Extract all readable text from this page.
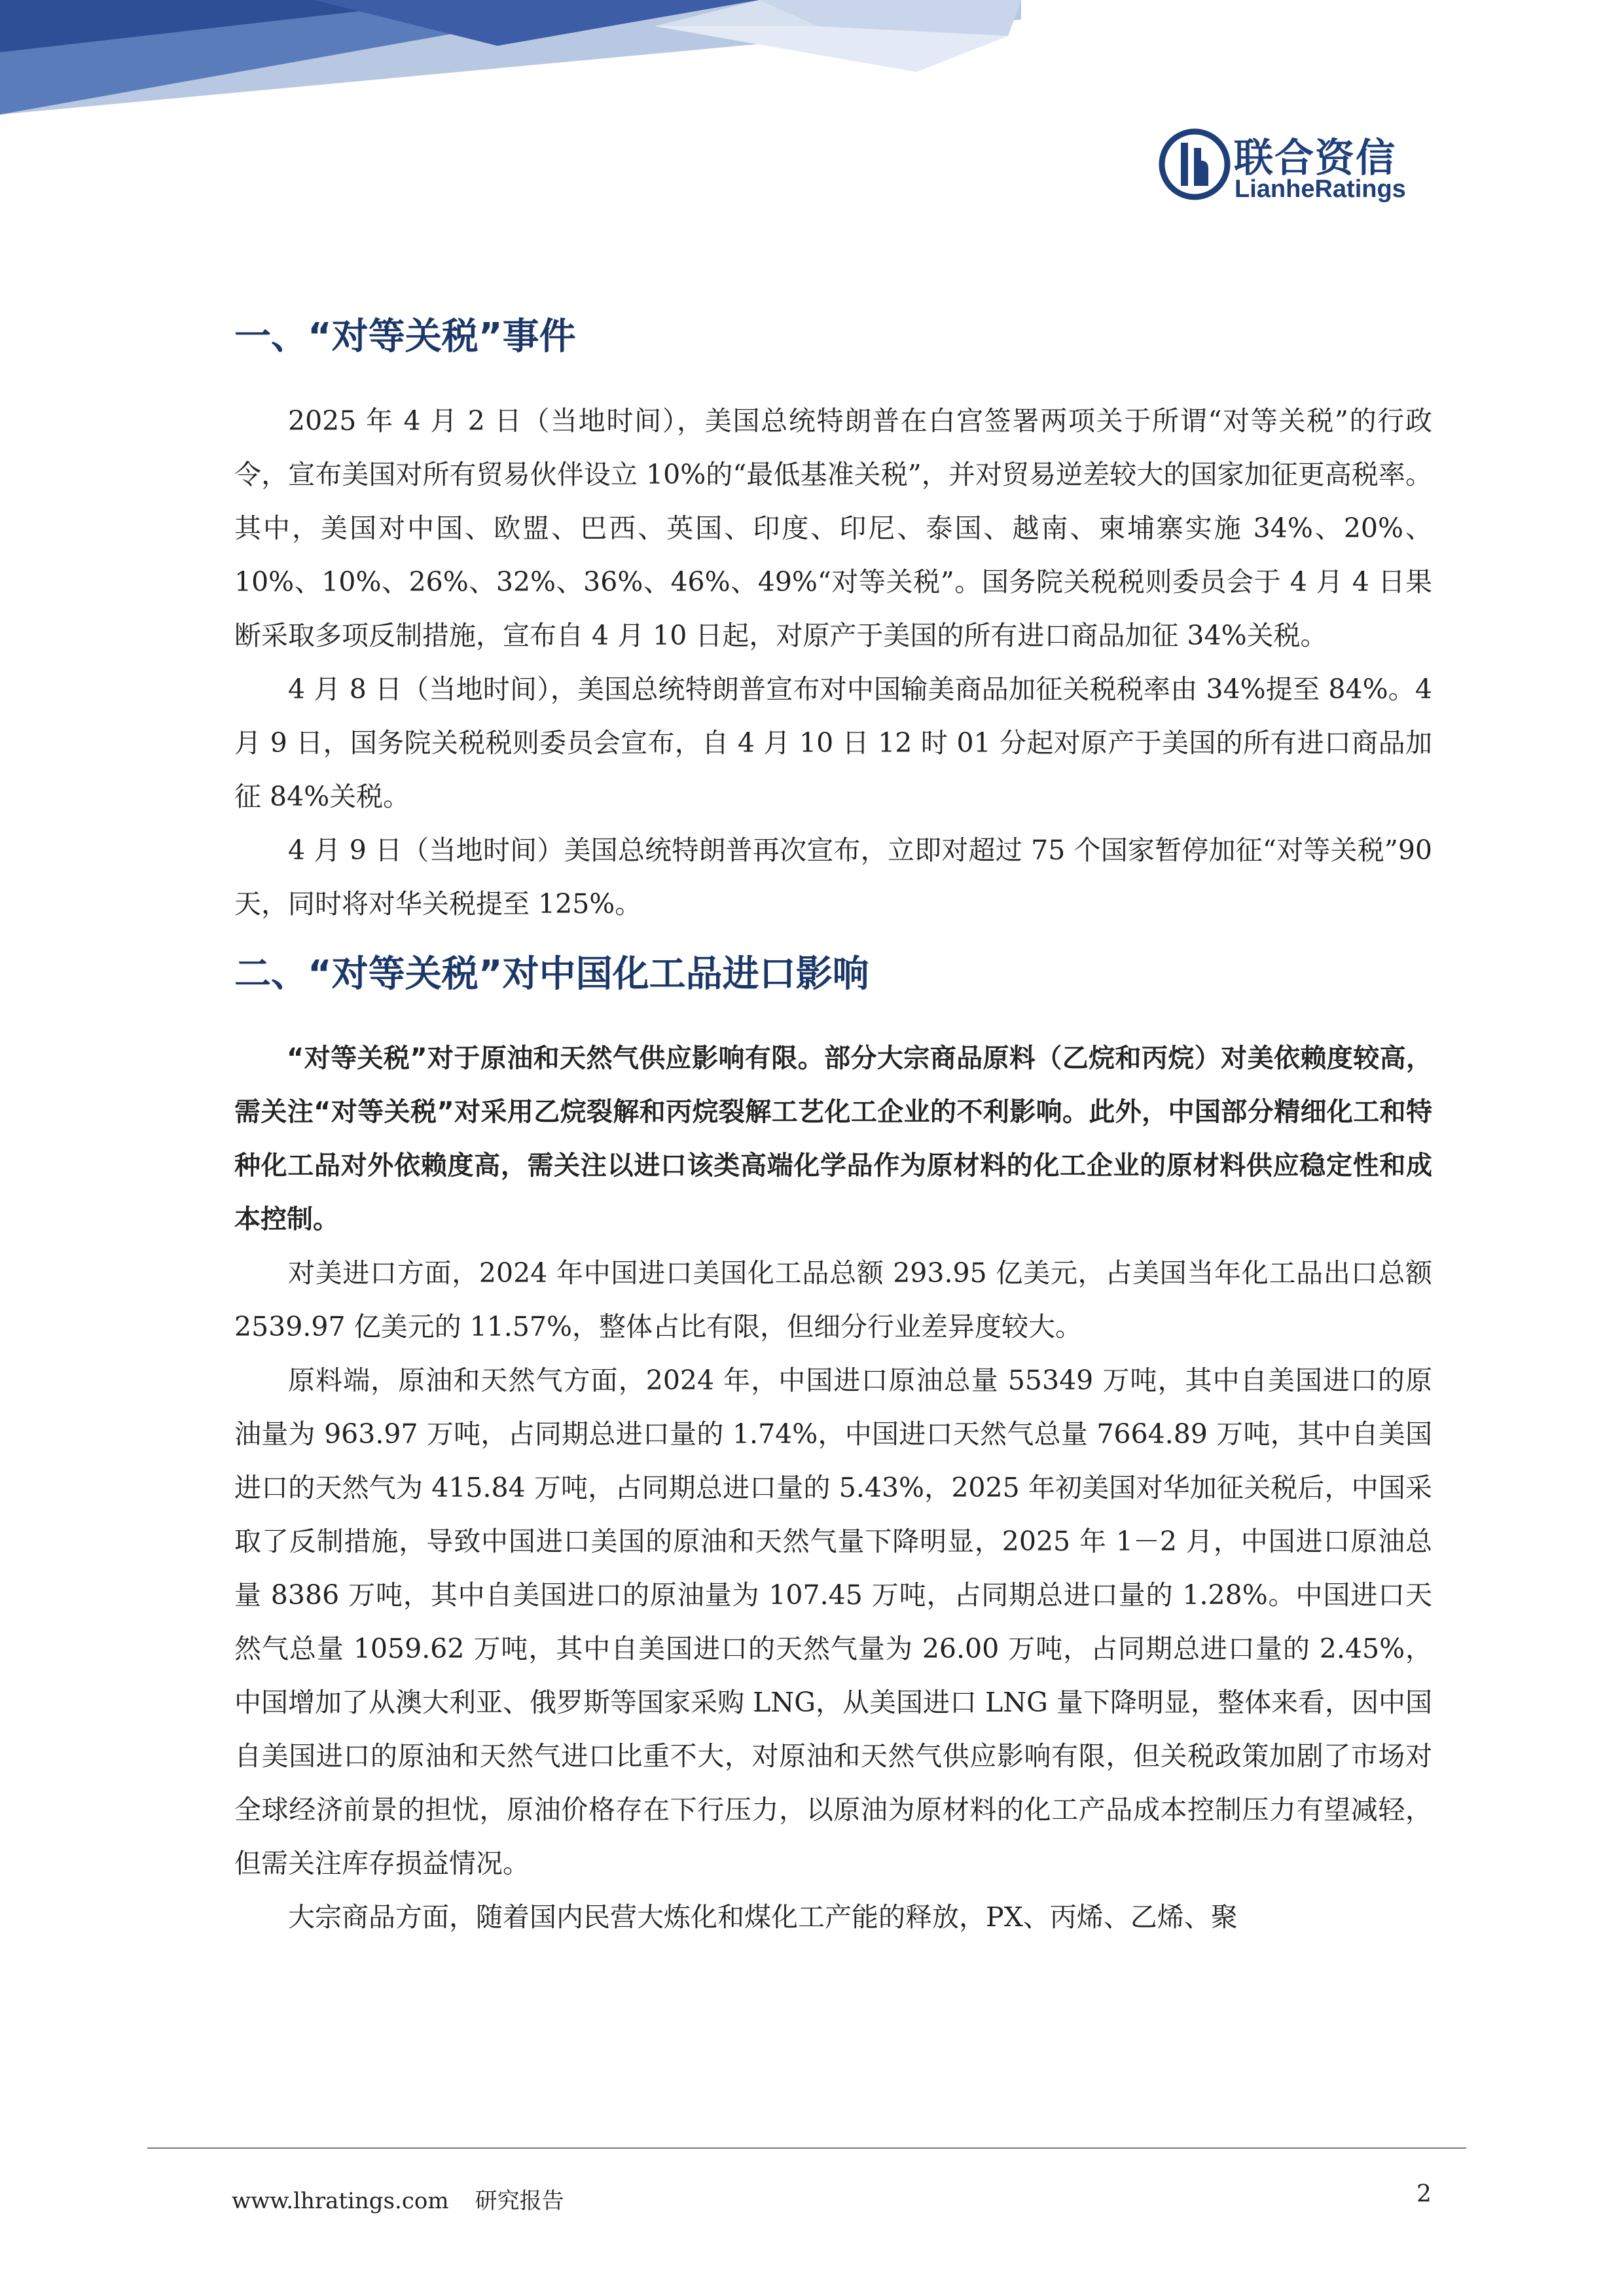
联合资信
LianheRatings
一、“对等关税”事件

2025 年 4 月 2 日（当地时间），美国总统特朗普在白宫签署两项关于所谓“对等关税”的行政令，宣布美国对所有贸易伙伴设立 10%的“最低基准关税”，并对贸易逆差较大的国家加征更高税率。其中，美国对中国、欧盟、巴西、英国、印度、印尼、泰国、越南、柬埔寨实施 34%、20%、10%、10%、26%、32%、36%、46%、49%“对等关税”。国务院关税税则委员会于 4 月 4 日果断采取多项反制措施，宣布自 4 月 10 日起，对原产于美国的所有进口商品加征 34%关税。

4 月 8 日（当地时间），美国总统特朗普宣布对中国输美商品加征关税税率由 34%提至 84%。4 月 9 日，国务院关税税则委员会宣布，自 4 月 10 日 12 时 01 分起对原产于美国的所有进口商品加征 84%关税。

4 月 9 日（当地时间）美国总统特朗普再次宣布，立即对超过 75 个国家暂停加征“对等关税”90 天，同时将对华关税提至 125%。

二、“对等关税”对中国化工品进口影响

“对等关税”对于原油和天然气供应影响有限。部分大宗商品原料（乙烷和丙烷）对美依赖度较高，需关注“对等关税”对采用乙烷裂解和丙烷裂解工艺化工企业的不利影响。此外，中国部分精细化工和特种化工品对外依赖度高，需关注以进口该类高端化学品作为原材料的化工企业的原材料供应稳定性和成本控制。

对美进口方面，2024 年中国进口美国化工品总额 293.95 亿美元，占美国当年化工品出口总额 2539.97 亿美元的 11.57%，整体占比有限，但细分行业差异度较大。

原料端，原油和天然气方面，2024 年，中国进口原油总量 55349 万吨，其中自美国进口的原油量为 963.97 万吨，占同期总进口量的 1.74%，中国进口天然气总量 7664.89 万吨，其中自美国进口的天然气为 415.84 万吨，占同期总进口量的 5.43%，2025 年初美国对华加征关税后，中国采取了反制措施，导致中国进口美国的原油和天然气量下降明显，2025 年 1－2 月，中国进口原油总量 8386 万吨，其中自美国进口的原油量为 107.45 万吨，占同期总进口量的 1.28%。中国进口天然气总量 1059.62 万吨，其中自美国进口的天然气量为 26.00 万吨，占同期总进口量的 2.45%，中国增加了从澳大利亚、俄罗斯等国家采购 LNG，从美国进口 LNG 量下降明显，整体来看，因中国自美国进口的原油和天然气进口比重不大，对原油和天然气供应影响有限，但关税政策加剧了市场对全球经济前景的担忧，原油价格存在下行压力，以原油为原材料的化工产品成本控制压力有望减轻，但需关注库存损益情况。

大宗商品方面，随着国内民营大炼化和煤化工产能的释放，PX、丙烯、乙烯、聚

www.lhratings.com 研究报告	2
